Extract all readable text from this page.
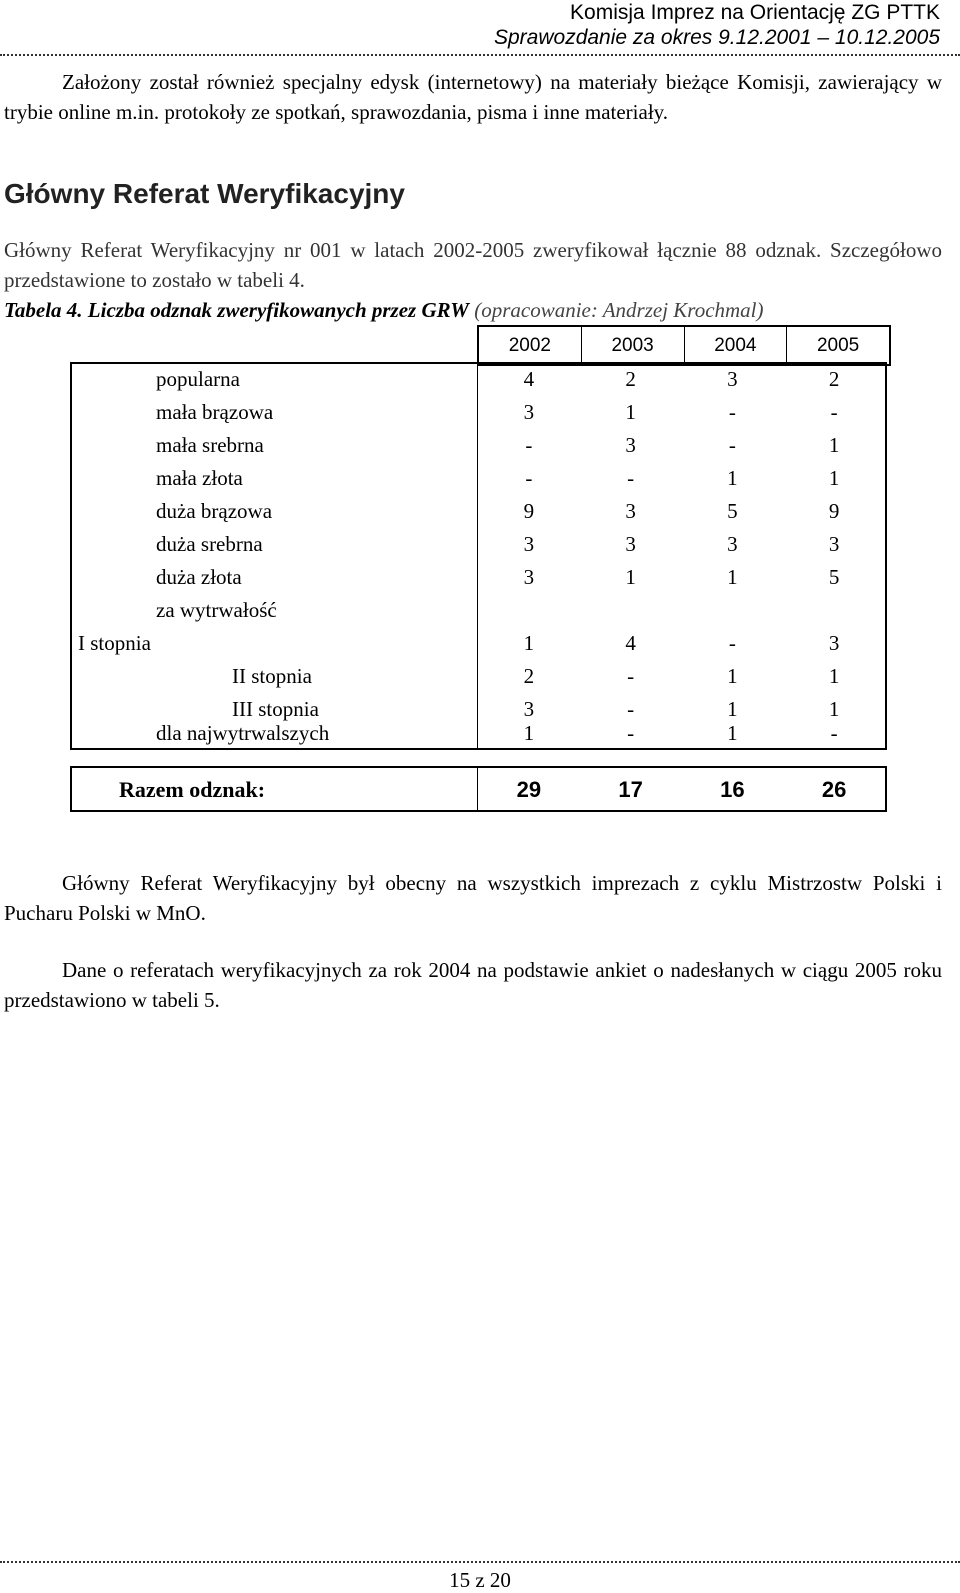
Komisja Imprez na Orientację ZG PTTK
Sprawozdanie za okres 9.12.2001 – 10.12.2005
Założony został również specjalny edysk (internetowy) na materiały bieżące Komisji, zawierający w trybie online m.in. protokoły ze spotkań, sprawozdania, pisma i inne materiały.
Główny Referat Weryfikacyjny
Główny Referat Weryfikacyjny nr 001 w latach 2002-2005 zweryfikował łącznie 88 odznak. Szczegółowo przedstawione to zostało w tabeli 4.
Tabela 4. Liczba odznak zweryfikowanych przez GRW (opracowanie: Andrzej Krochmal)
2002	2003	2004	2005
popularna	4	2	3	2
mała brązowa	3	1	-	-
mała srebrna	-	3	-	1
mała złota	-	-	1	1
duża brązowa	9	3	5	9
duża srebrna	3	3	3	3
duża złota	3	1	1	5
za wytrwałość
I stopnia	1	4	-	3
II stopnia	2	-	1	1
III stopnia	3	-	1	1
dla najwytrwalszych	1	-	1	-
Razem odznak:	29	17	16	26
Główny Referat Weryfikacyjny był obecny na wszystkich imprezach z cyklu Mistrzostw Polski i Pucharu Polski w MnO.
Dane o referatach weryfikacyjnych za rok 2004 na podstawie ankiet o nadesłanych w ciągu 2005 roku przedstawiono w tabeli 5.
15 z 20
